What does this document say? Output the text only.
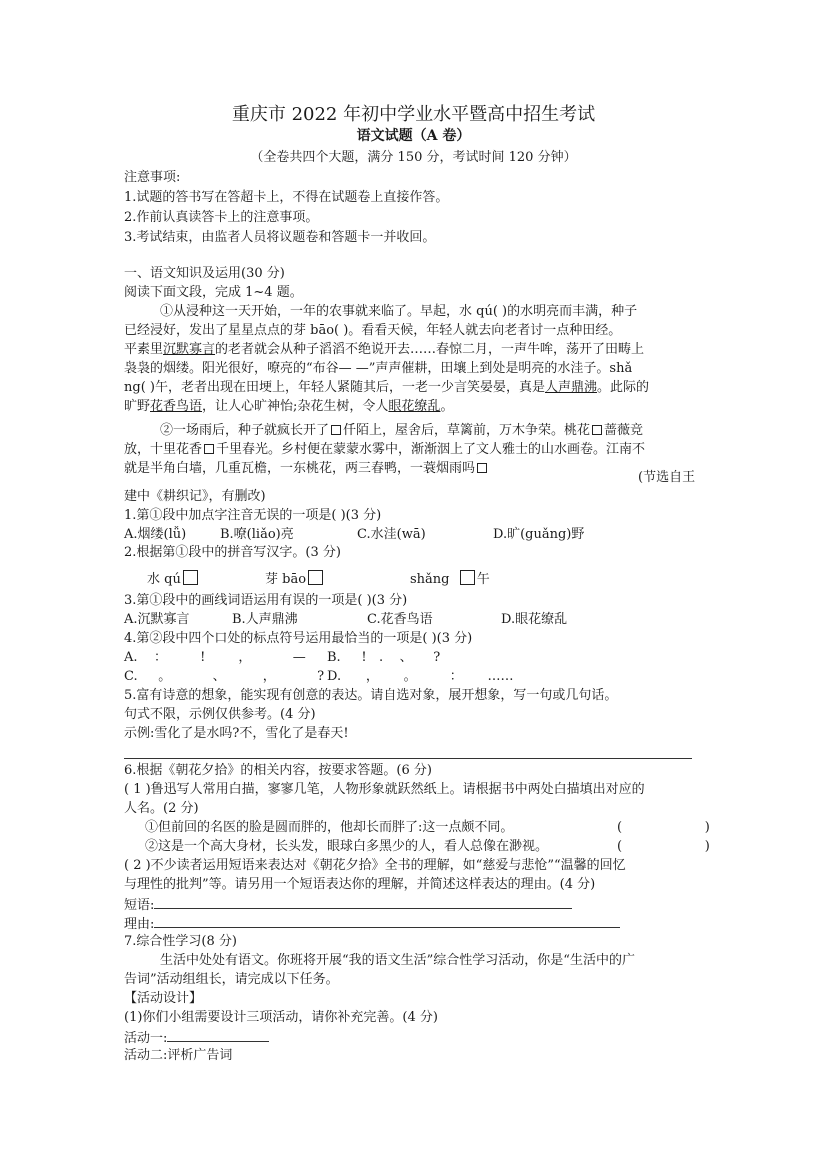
重庆市 2022 年初中学业水平暨高中招生考试
语文试题（A 卷）
（全卷共四个大题，满分 150 分，考试时间 120 分钟）
注意事项:
1.试题的答书写在答超卡上，不得在试题卷上直接作答。
2.作前认真读答卡上的注意事项。
3.考试结束，由监者人员将议题卷和答题卡一并收回。
一、语文知识及运用(30 分)
阅读下面文段，完成 1~4 题。
①从浸种这一天开始，一年的农事就来临了。早起，水 qú( )的水明亮而丰满，种子
已经浸好，发出了星星点点的芽 bāo( )。看看天候，年轻人就去向老者讨一点种田经。
平素里沉默寡言的老者就会从种子滔滔不绝说开去……春惊二月，一声牛哞，荡开了田畴上
袅袅的烟缕。阳光很好，嘹亮的“布谷— —”声声催耕，田壤上到处是明亮的水洼子。shǎ
ng( )午，老者出现在田埂上，年轻人紧随其后，一老一少言笑晏晏，真是人声鼎沸。此际的
旷野花香鸟语，让人心旷神怡;杂花生树，令人眼花缭乱。
②一场雨后，种子就疯长开了 仟陌上，屋舍后，草篱前，万木争荣。桃花 蔷薇竞
放，十里花香 千里春光。乡村便在蒙蒙水雾中，渐渐洇上了文人雅士的山水画卷。江南不
就是半角白墙，几重瓦檐，一东桃花，两三春鸭，一蓑烟雨吗
(节选自王
建中《耕织记》，有删改)
1.第①段中加点字注音无误的一项是( )(3 分)
A.烟缕(lǚ)	B.嘹(liǎo)亮	C.水洼(wā)	D.旷(guǎng)野
2.根据第①段中的拼音写汉字。(3 分)
水 qú	芽 bāo	shǎng 午
3.第①段中的画线词语运用有误的一项是( )(3 分)
A.沉默寡言	B.人声鼎沸	C.花香鸟语	D.眼花缭乱
4.第②段中四个口处的标点符号运用最恰当的一项是( )(3 分)
A.    ：        !        ，          — B.     !   .    、     ?
C.     。          、         ，          ? D.      ，      。        ：      ……
5.富有诗意的想象，能实现有创意的表达。请自选对象，展开想象，写一句或几句话。
句式不限，示例仅供参考。(4 分)
示例:雪化了是水吗?不，雪化了是春天!
6.根据《朝花夕拾》的相关内容，按要求答题。(6 分)
( 1 )鲁迅写人常用白描，寥寥几笔，人物形象就跃然纸上。请根据书中两处白描填出对应的
人名。(2 分)
①但前回的名医的脸是圆而胖的，他却长而胖了:这一点颇不同。	(                    )
②这是一个高大身材，长头发，眼球白多黑少的人，看人总像在渺视。	(                    )
( 2 )不少读者运用短语来表达对《朝花夕拾》全书的理解，如“慈爱与悲怆”“温馨的回忆
与理性的批判”等。请另用一个短语表达你的理解，并简述这样表达的理由。(4 分)
短语:
理由:
7.综合性学习(8 分)
生活中处处有语文。你班将开展“我的语文生活”综合性学习活动，你是“生活中的广
告词”活动组组长，请完成以下任务。
【活动设计】
(1)你们小组需要设计三项活动，请你补充完善。(4 分)
活动一:
活动二:评析广告词
